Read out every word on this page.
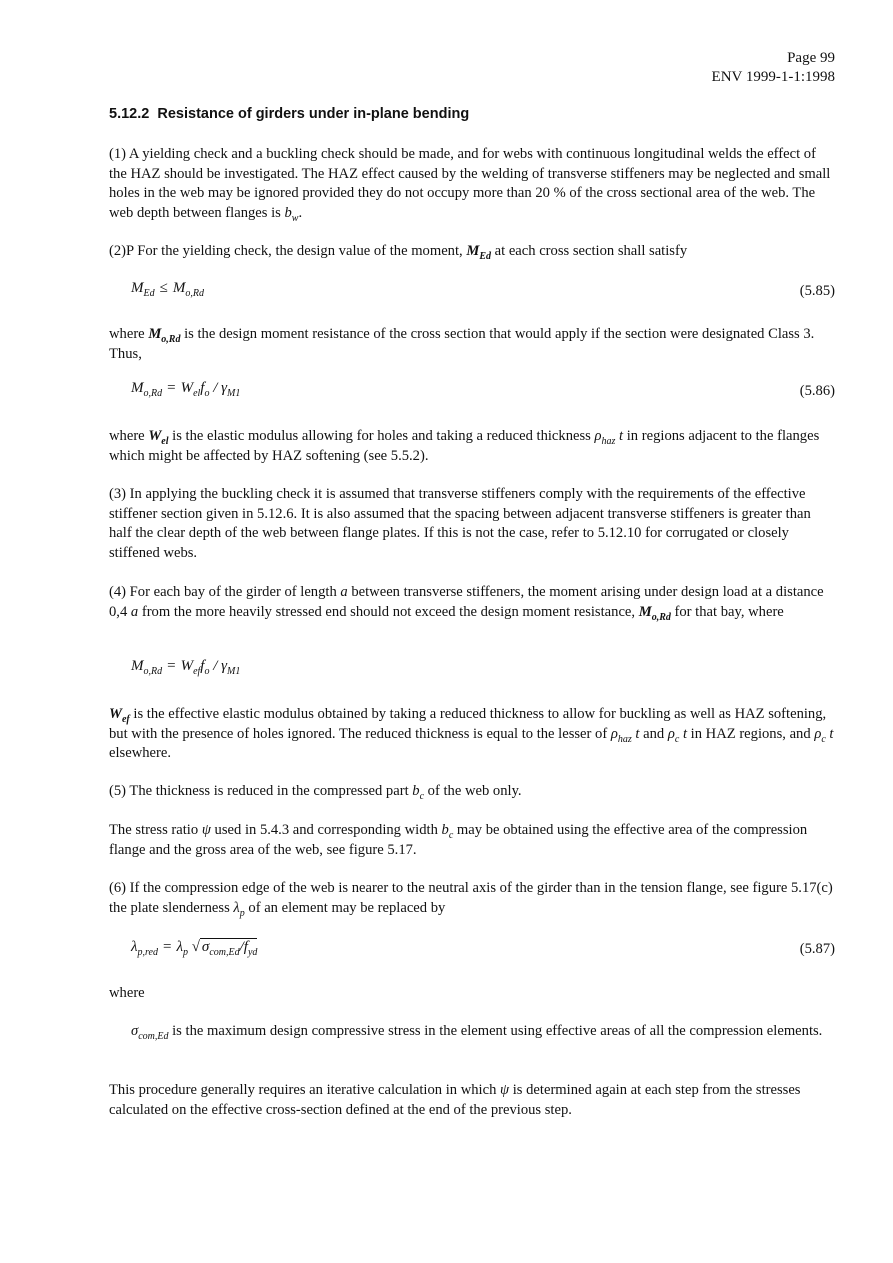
Page 99
ENV 1999-1-1:1998
5.12.2 Resistance of girders under in-plane bending

(1) A yielding check and a buckling check should be made, and for webs with continuous longitudinal welds the effect of the HAZ should be investigated. The HAZ effect caused by the welding of transverse stiffeners may be neglected and small holes in the web may be ignored provided they do not occupy more than 20 % of the cross sectional area of the web. The web depth between flanges is $b_w$.

(2)P For the yielding check, the design value of the moment, $M_{Ed}$ at each cross section shall satisfy

$M_{Ed} \le M_{o,Rd}$	(5.85)

where $M_{o,Rd}$ is the design moment resistance of the cross section that would apply if the section were designated Class 3. Thus,

$M_{o,Rd} = W_{el}f_o / \gamma_{M1}$	(5.86)

where $W_{el}$ is the elastic modulus allowing for holes and taking a reduced thickness $\rho_{haz}$ t in regions adjacent to the flanges which might be affected by HAZ softening (see 5.5.2).

(3) In applying the buckling check it is assumed that transverse stiffeners comply with the requirements of the effective stiffener section given in 5.12.6. It is also assumed that the spacing between adjacent transverse stiffeners is greater than half the clear depth of the web between flange plates. If this is not the case, refer to 5.12.10 for corrugated or closely stiffened webs.

(4) For each bay of the girder of length a between transverse stiffeners, the moment arising under design load at a distance 0,4 a from the more heavily stressed end should not exceed the design moment resistance, $M_{o,Rd}$ for that bay, where

$M_{o,Rd} = W_{ef}f_o / \gamma_{M1}$

$W_{ef}$ is the effective elastic modulus obtained by taking a reduced thickness to allow for buckling as well as HAZ softening, but with the presence of holes ignored. The reduced thickness is equal to the lesser of $\rho_{haz}$ t and $\rho_c$ t in HAZ regions, and $\rho_c$ t elsewhere.

(5) The thickness is reduced in the compressed part $b_c$ of the web only.

The stress ratio ψ used in 5.4.3 and corresponding width $b_c$ may be obtained using the effective area of the compression flange and the gross area of the web, see figure 5.17.

(6) If the compression edge of the web is nearer to the neutral axis of the girder than in the tension flange, see figure 5.17(c) the plate slenderness $\lambda_p$ of an element may be replaced by

$\lambda_{p,red} = \lambda_p$ √ $\sigma_{com,Ed}/f_{yd}$	(5.87)

where

$\sigma_{com,Ed}$ is the maximum design compressive stress in the element using effective areas of all the compression elements.

This procedure generally requires an iterative calculation in which ψ is determined again at each step from the stresses calculated on the effective cross-section defined at the end of the previous step.
